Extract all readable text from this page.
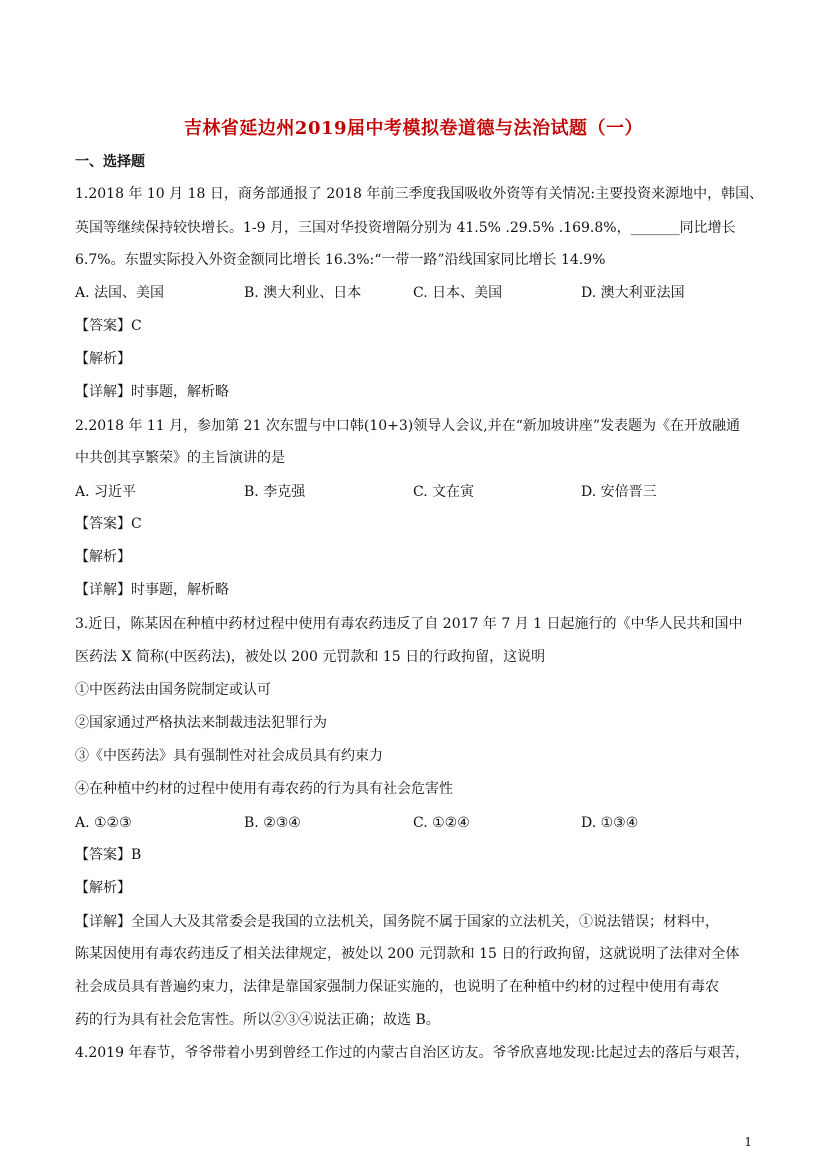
吉林省延边州2019届中考模拟卷道德与法治试题（一）
一、选择题
1.2018 年 10 月 18 日，商务部通报了 2018 年前三季度我国吸收外资等有关情况:主要投资来源地中，韩国、
英国等继续保持较快增长。1-9 月，三国对华投资增隔分别为 41.5% .29.5% .169.8%，_______同比增长
6.7%。东盟实际投入外资金额同比增长 16.3%:“一带一路”沿线国家同比增长 14.9%
A. 法国、美国	B. 澳大利业、日本	C. 日本、美国	D. 澳大利亚法国
【答案】C
【解析】
【详解】时事题，解析略
2.2018 年 11 月，参加第 21 次东盟与中口韩(10+3)领导人会议,并在“新加坡讲座”发表题为《在开放融通
中共创其享繁荣》的主旨演讲的是
A. 习近平	B. 李克强	C. 文在寅	D. 安倍晋三
【答案】C
【解析】
【详解】时事题，解析略
3.近日，陈某因在种植中药材过程中使用有毒农药违反了自 2017 年 7 月 1 日起施行的《中华人民共和国中
医药法 X 简称(中医药法)，被处以 200 元罚款和 15 日的行政拘留，这说明
①中医药法由国务院制定或认可
②国家通过严格执法来制裁违法犯罪行为
③《中医药法》具有强制性对社会成员具有约束力
④在种植中约材的过程中使用有毒农药的行为具有社会危害性
A. ①②③	B. ②③④	C. ①②④	D. ①③④
【答案】B
【解析】
【详解】全国人大及其常委会是我国的立法机关，国务院不属于国家的立法机关，①说法错误；材料中，
陈某因使用有毒农药违反了相关法律规定，被处以 200 元罚款和 15 日的行政拘留，这就说明了法律对全体
社会成员具有普遍约束力，法律是靠国家强制力保证实施的，也说明了在种植中约材的过程中使用有毒农
药的行为具有社会危害性。所以②③④说法正确；故选 B。
4.2019 年春节，爷爷带着小男到曾经工作过的内蒙古自治区访友。爷爷欣喜地发现:比起过去的落后与艰苦，
1
